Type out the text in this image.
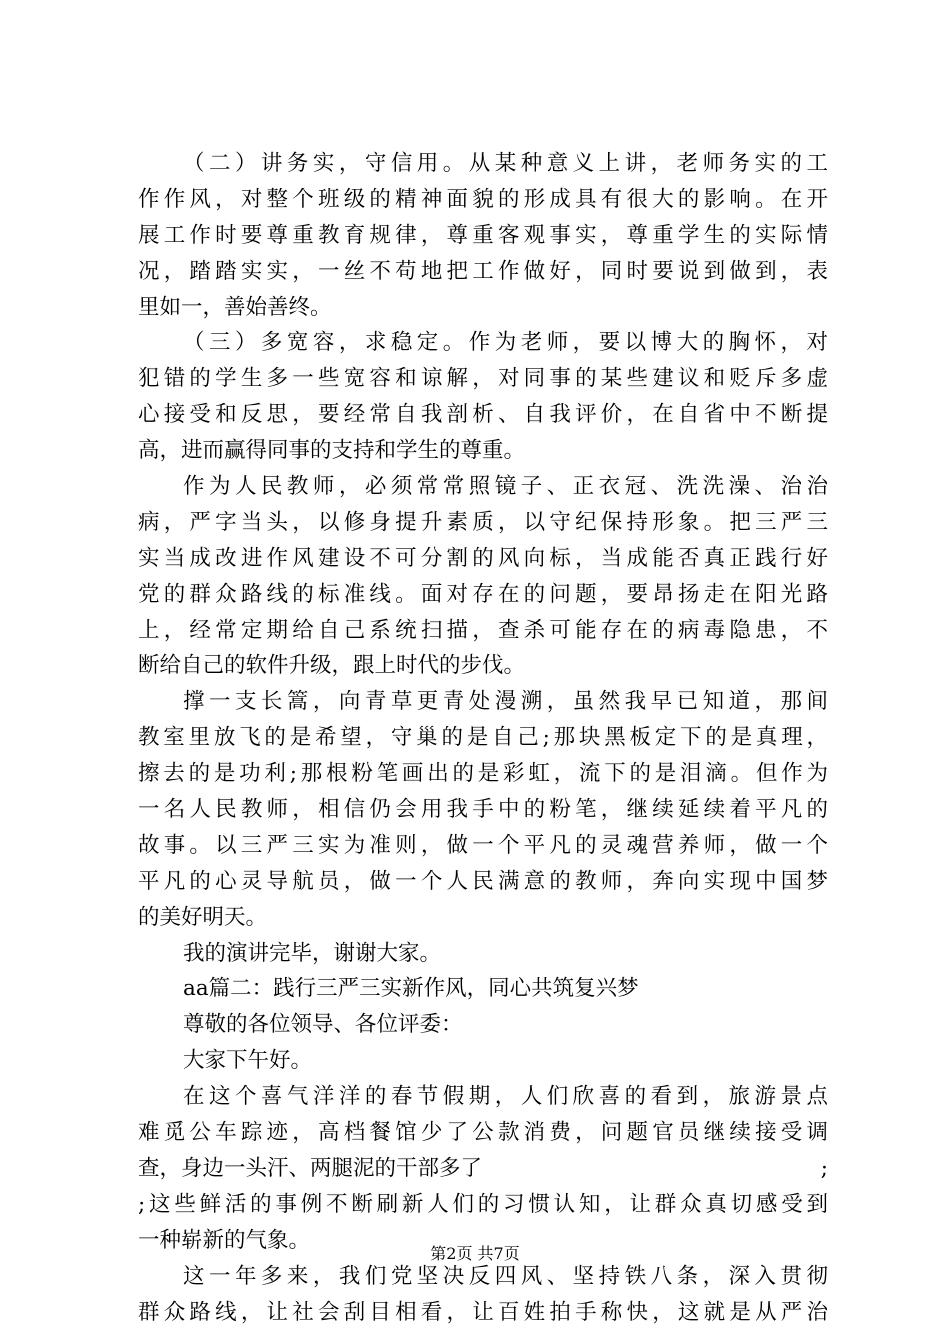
（二）讲务实，守信用。从某种意义上讲，老师务实的工
作作风，对整个班级的精神面貌的形成具有很大的影响。在开
展工作时要尊重教育规律，尊重客观事实，尊重学生的实际情
况，踏踏实实，一丝不苟地把工作做好，同时要说到做到，表
里如一，善始善终。
（三）多宽容，求稳定。作为老师，要以博大的胸怀，对
犯错的学生多一些宽容和谅解，对同事的某些建议和贬斥多虚
心接受和反思，要经常自我剖析、自我评价，在自省中不断提
高，进而赢得同事的支持和学生的尊重。
作为人民教师，必须常常照镜子、正衣冠、洗洗澡、治治
病，严字当头，以修身提升素质，以守纪保持形象。把三严三
实当成改进作风建设不可分割的风向标，当成能否真正践行好
党的群众路线的标准线。面对存在的问题，要昂扬走在阳光路
上，经常定期给自己系统扫描，查杀可能存在的病毒隐患，不
断给自己的软件升级，跟上时代的步伐。
撑一支长篙，向青草更青处漫溯，虽然我早已知道，那间
教室里放飞的是希望，守巢的是自己;那块黑板定下的是真理，
擦去的是功利;那根粉笔画出的是彩虹，流下的是泪滴。但作为
一名人民教师，相信仍会用我手中的粉笔，继续延续着平凡的
故事。以三严三实为准则，做一个平凡的灵魂营养师，做一个
平凡的心灵导航员，做一个人民满意的教师，奔向实现中国梦
的美好明天。
我的演讲完毕，谢谢大家。
aa篇二：践行三严三实新作风，同心共筑复兴梦
尊敬的各位领导、各位评委：
大家下午好。
在这个喜气洋洋的春节假期，人们欣喜的看到，旅游景点
难觅公车踪迹，高档餐馆少了公款消费，问题官员继续接受调
查，身边一头汗、两腿泥的干部多了	;
;这些鲜活的事例不断刷新人们的习惯认知，让群众真切感受到
一种崭新的气象。
这一年多来，我们党坚决反四风、坚持铁八条，深入贯彻
群众路线，让社会刮目相看，让百姓拍手称快，这就是从严治
第2页 共7页
